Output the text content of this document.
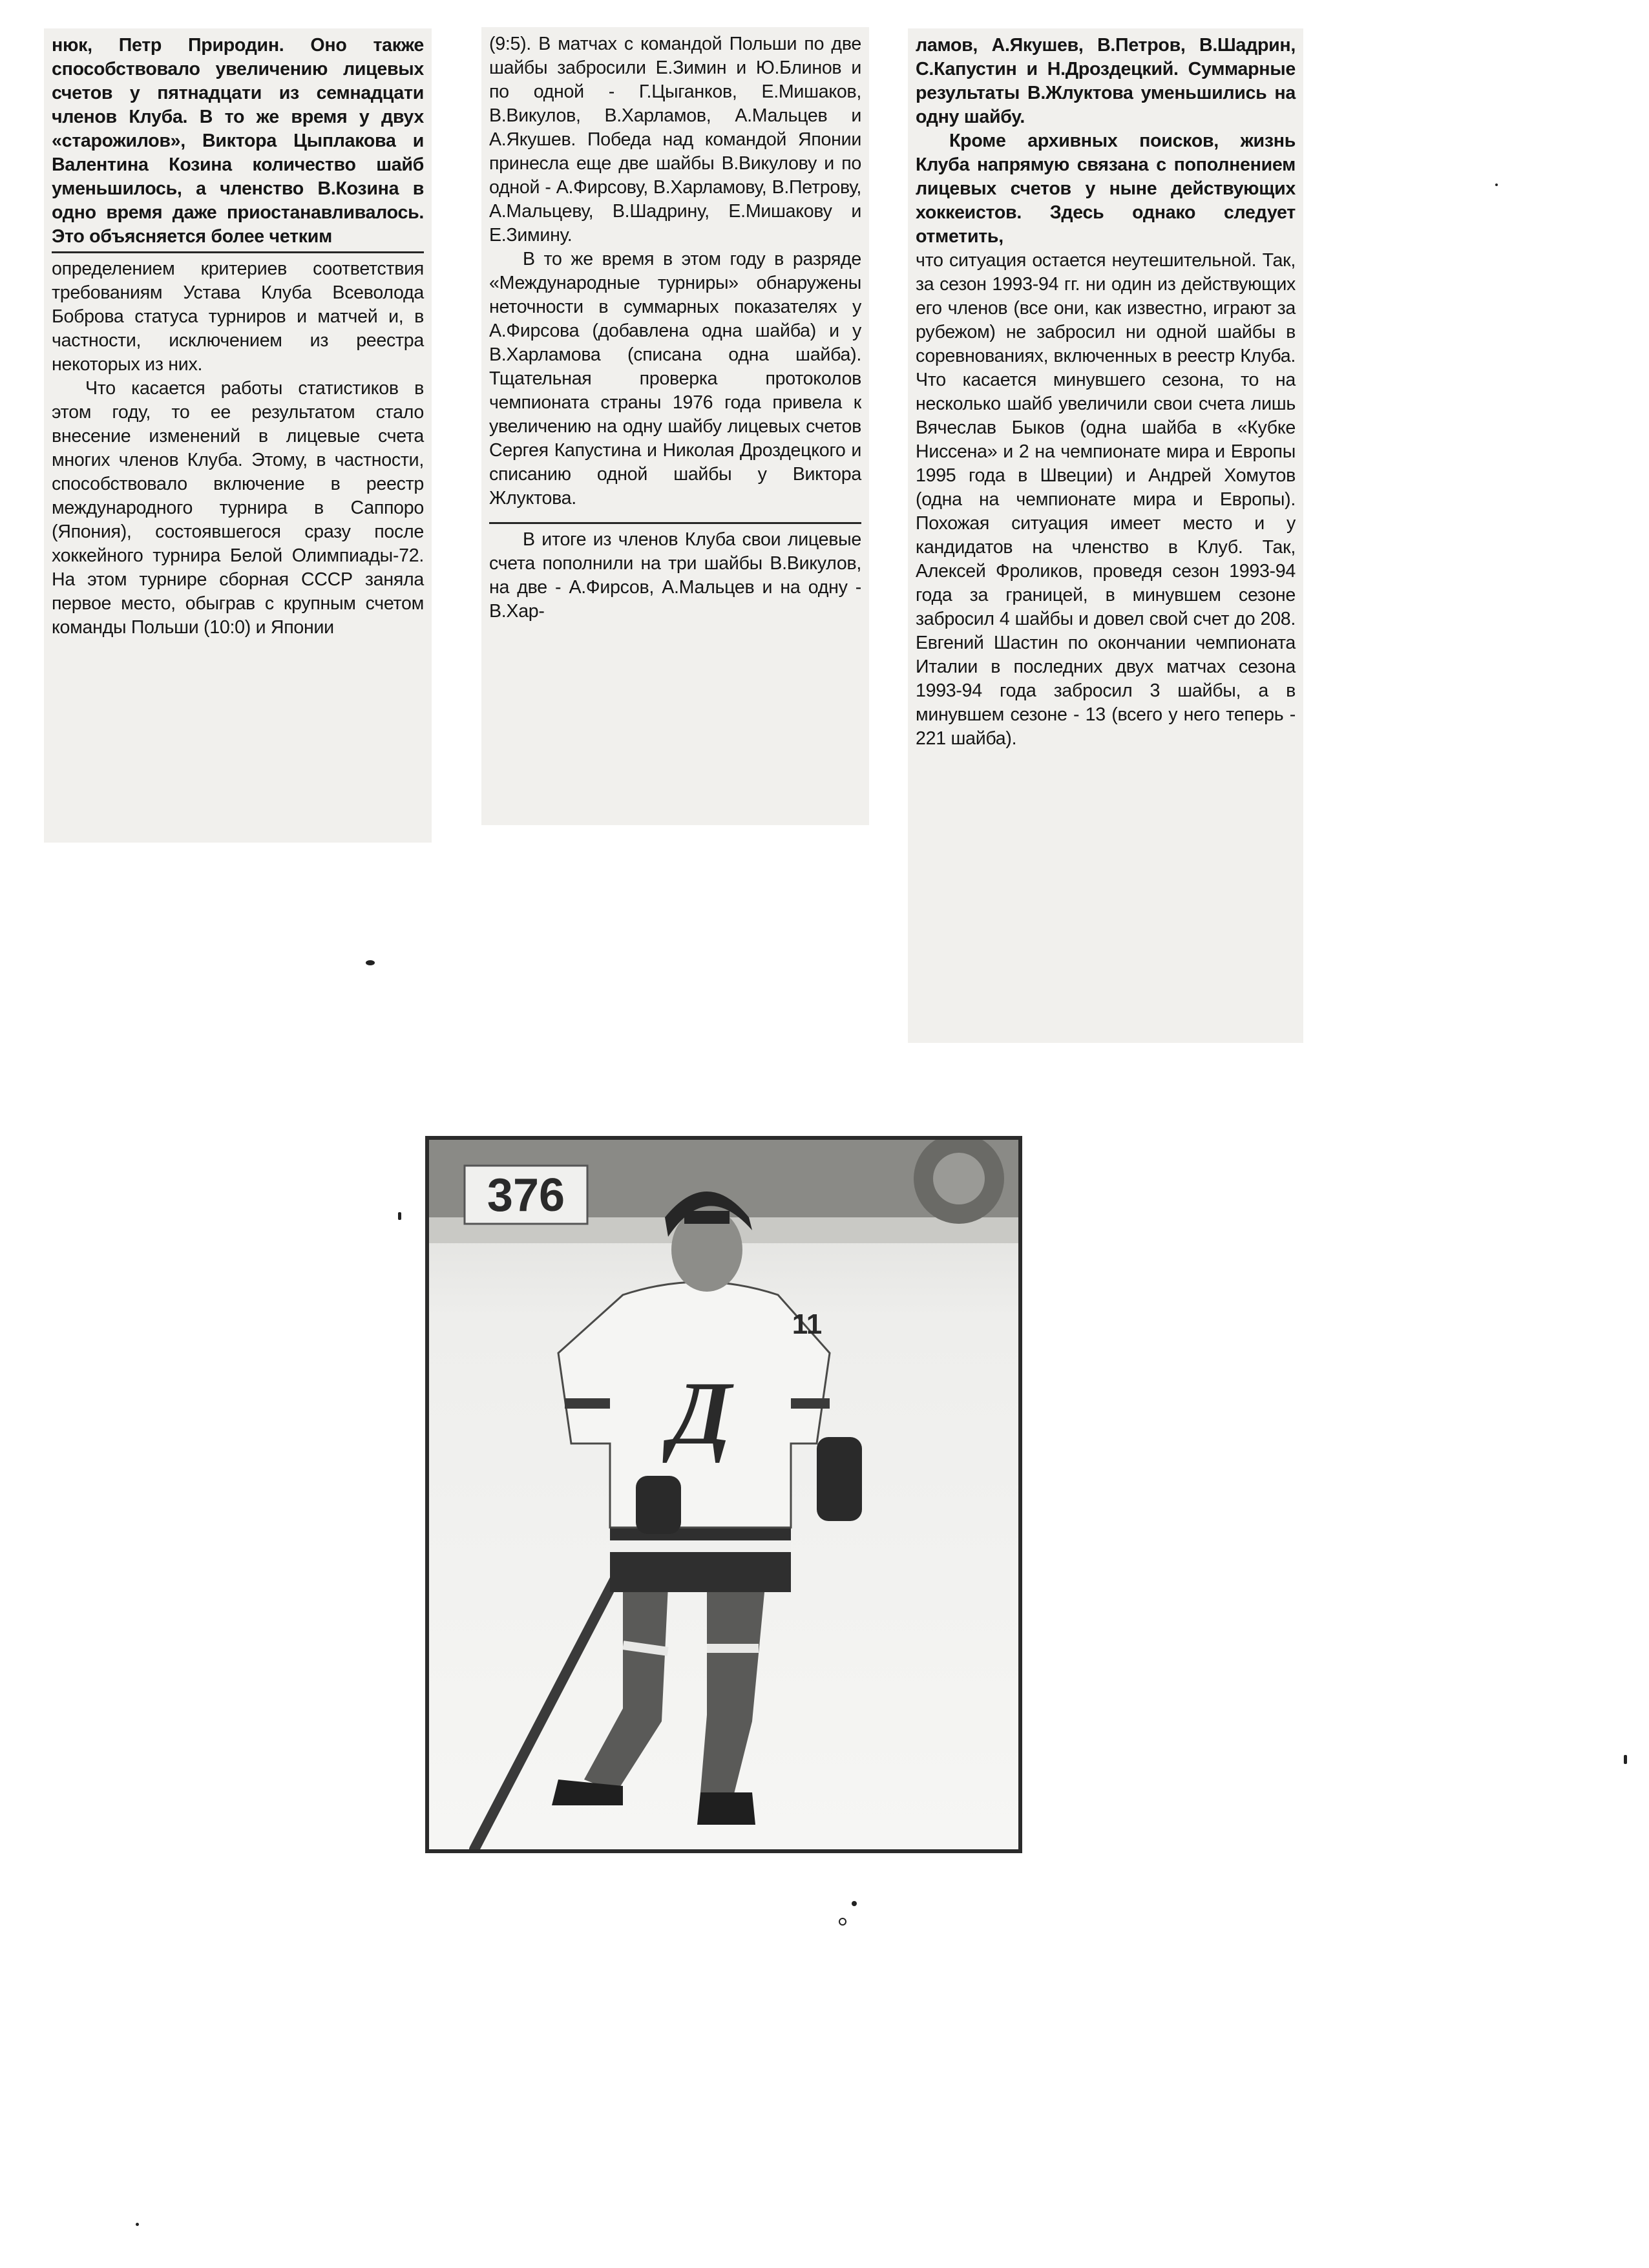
нюк, Петр Природин. Оно также способствовало увеличению лицевых счетов у пятнадцати из семнадцати членов Клуба. В то же время у двух «старожилов», Виктора Цыплакова и Валентина Козина количество шайб уменьшилось, а членство В.Козина в одно время даже приостанавливалось. Это объясняется более четким

определением критериев соответствия требованиям Устава Клуба Всеволода Боброва статуса турниров и матчей и, в частности, исключением из реестра некоторых из них.

Что касается работы статистиков в этом году, то ее результатом стало внесение изменений в лицевые счета многих членов Клуба. Этому, в частности, способствовало включение в реестр международного турнира в Саппоро (Япония), состоявшегося сразу после хоккейного турнира Белой Олимпиады-72. На этом турнире сборная СССР заняла первое место, обыграв с крупным счетом команды Польши (10:0) и Японии

(9:5). В матчах с командой Польши по две шайбы забросили Е.Зимин и Ю.Блинов и по одной - Г.Цыганков, Е.Мишаков, В.Викулов, В.Харламов, А.Мальцев и А.Якушев. Победа над командой Японии принесла еще две шайбы В.Викулову и по одной - А.Фирсову, В.Харламову, В.Петрову, А.Мальцеву, В.Шадрину, Е.Мишакову и Е.Зимину.

В то же время в этом году в разряде «Международные турниры» обнаружены неточности в суммарных показателях у А.Фирсова (добавлена одна шайба) и у В.Харламова (списана одна шайба). Тщательная проверка протоколов чемпионата страны 1976 года привела к увеличению на одну шайбу лицевых счетов Сергея Капустина и Николая Дроздецкого и списанию одной шайбы у Виктора Жлуктова.

В итоге из членов Клуба свои лицевые счета пополнили на три шайбы В.Викулов, на две - А.Фирсов, А.Мальцев и на одну - В.Хар-

ламов, А.Якушев, В.Петров, В.Шадрин, С.Капустин и Н.Дроздецкий. Суммарные результаты В.Жлуктова уменьшились на одну шайбу.

Кроме архивных поисков, жизнь Клуба напрямую связана с пополнением лицевых счетов у ныне действующих хоккеистов. Здесь однако следует отметить,

что ситуация остается неутешительной. Так, за сезон 1993-94 гг. ни один из действующих его членов (все они, как известно, играют за рубежом) не забросил ни одной шайбы в соревнованиях, включенных в реестр Клуба. Что касается минувшего сезона, то на несколько шайб увеличили свои счета лишь Вячеслав Быков (одна шайба в «Кубке Ниссена» и 2 на чемпионате мира и Европы 1995 года в Швеции) и Андрей Хомутов (одна на чемпионате мира и Европы). Похожая ситуация имеет место и у кандидатов на членство в Клуб. Так, Алексей Фроликов, проведя сезон 1993-94 года за границей, в минувшем сезоне забросил 4 шайбы и довел свой счет до 208. Евгений Шастин по окончании чемпионата Италии в последних двух матчах сезона 1993-94 года забросил 3 шайбы, а в минувшем сезоне - 13 (всего у него теперь - 221 шайба).

376
Д
11
